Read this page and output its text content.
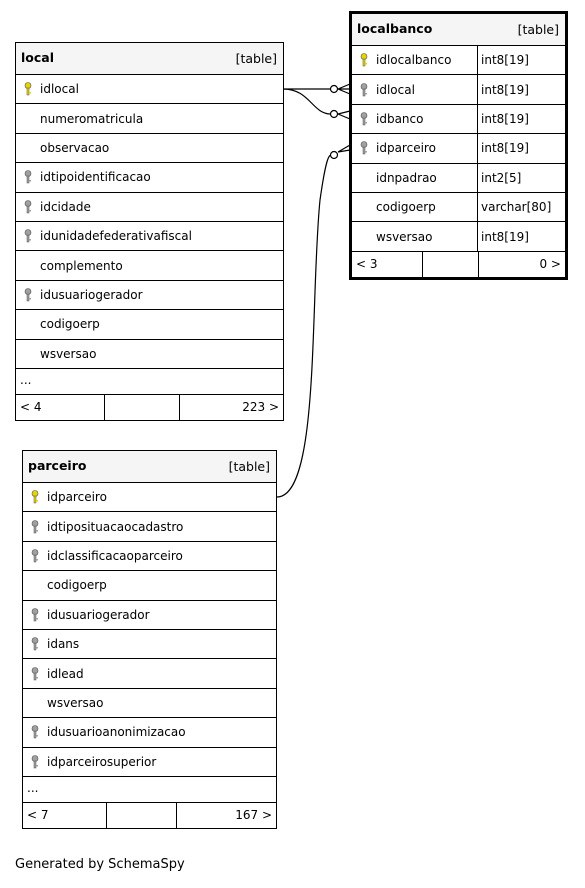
local	[table]
idlocal
numeromatricula
observacao
idtipoidentificacao
idcidade
idunidadefederativafiscal
complemento
idusuariogerador
codigoerp
wsversao
...
< 4	223 >
localbanco	[table]
idlocalbanco int8[19]
idlocal	int8[19]
idbanco	int8[19]
idparceiro	int8[19]
idnpadrao	int2[5]
codigoerp	varchar[80]
wsversao	int8[19]
< 3	0 >
parceiro	[table]
idparceiro
idtiposituacaocadastro
idclassificacaoparceiro
codigoerp
idusuariogerador
idans
idlead
wsversao
idusuarioanonimizacao
idparceirosuperior
...
< 7	167 >
Generated by SchemaSpy
